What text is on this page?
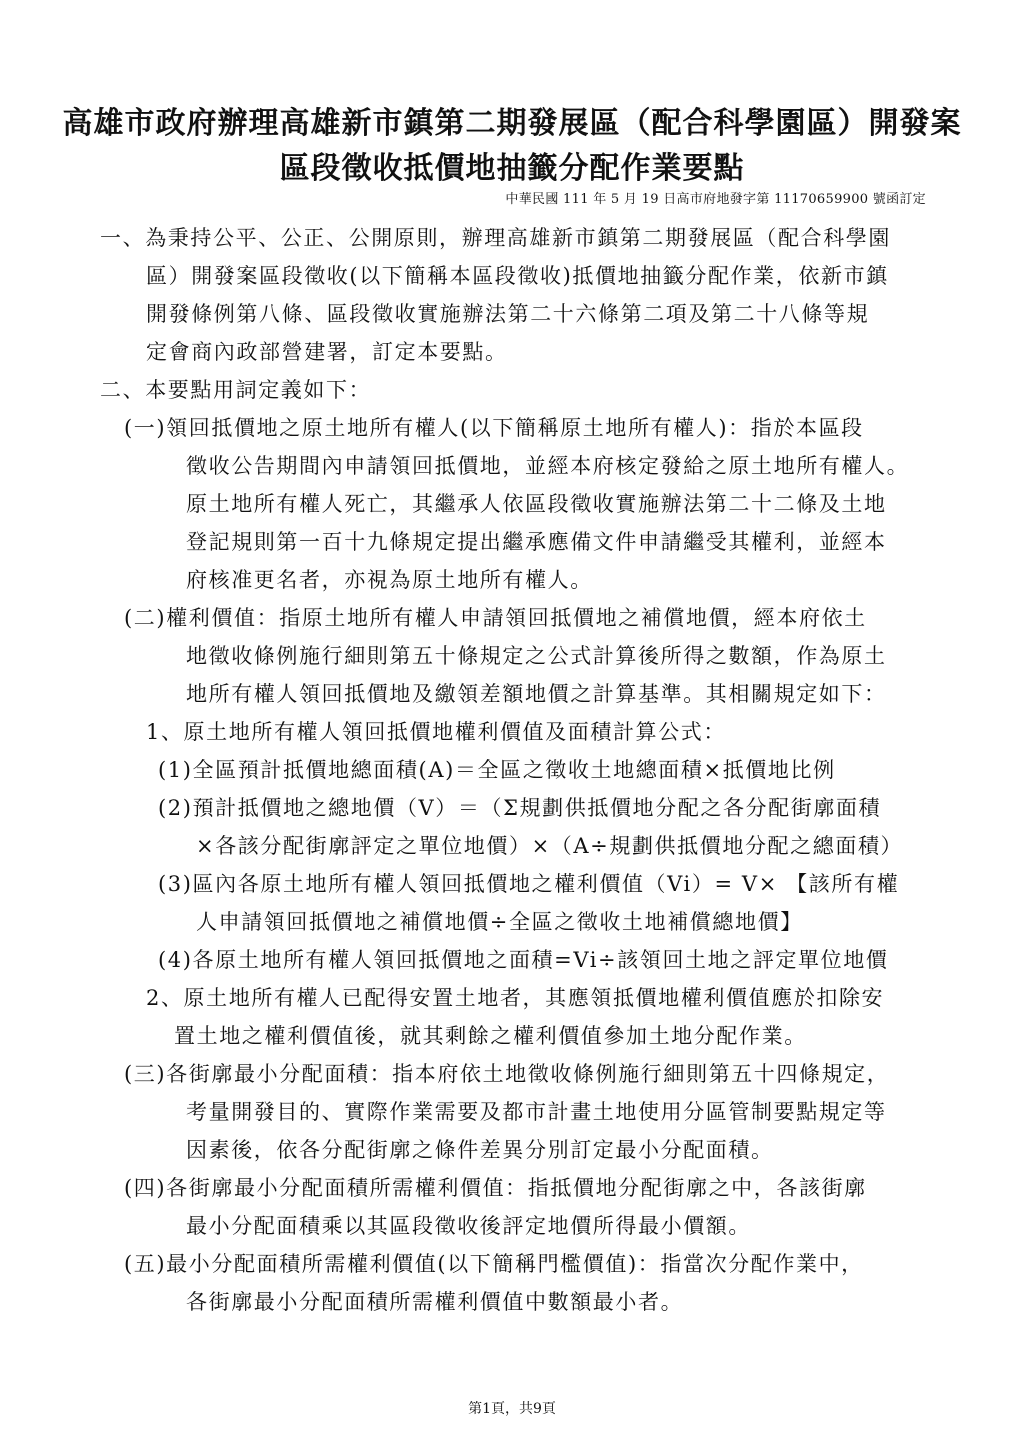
高雄市政府辦理高雄新市鎮第二期發展區（配合科學園區）開發案
區段徵收抵價地抽籤分配作業要點
中華民國 111 年 5 月 19 日高市府地發字第 11170659900 號函訂定
一、為秉持公平、公正、公開原則，辦理高雄新市鎮第二期發展區（配合科學園
區）開發案區段徵收(以下簡稱本區段徵收)抵價地抽籤分配作業，依新市鎮
開發條例第八條、區段徵收實施辦法第二十六條第二項及第二十八條等規
定會商內政部營建署，訂定本要點。
二、本要點用詞定義如下：
(一)領回抵價地之原土地所有權人(以下簡稱原土地所有權人)：指於本區段
徵收公告期間內申請領回抵價地，並經本府核定發給之原土地所有權人。
原土地所有權人死亡，其繼承人依區段徵收實施辦法第二十二條及土地
登記規則第一百十九條規定提出繼承應備文件申請繼受其權利，並經本
府核准更名者，亦視為原土地所有權人。
(二)權利價值：指原土地所有權人申請領回抵價地之補償地價，經本府依土
地徵收條例施行細則第五十條規定之公式計算後所得之數額，作為原土
地所有權人領回抵價地及繳領差額地價之計算基準。其相關規定如下：
1、原土地所有權人領回抵價地權利價值及面積計算公式：
(1)全區預計抵價地總面積(A)＝全區之徵收土地總面積×抵價地比例
(2)預計抵價地之總地價（V）＝（Σ規劃供抵價地分配之各分配街廓面積
×各該分配街廓評定之單位地價）×（A÷規劃供抵價地分配之總面積）
(3)區內各原土地所有權人領回抵價地之權利價值（Vi）= V× 【該所有權
人申請領回抵價地之補償地價÷全區之徵收土地補償總地價】
(4)各原土地所有權人領回抵價地之面積=Vi÷該領回土地之評定單位地價
2、原土地所有權人已配得安置土地者，其應領抵價地權利價值應於扣除安
置土地之權利價值後，就其剩餘之權利價值參加土地分配作業。
(三)各街廓最小分配面積：指本府依土地徵收條例施行細則第五十四條規定，
考量開發目的、實際作業需要及都市計畫土地使用分區管制要點規定等
因素後，依各分配街廓之條件差異分別訂定最小分配面積。
(四)各街廓最小分配面積所需權利價值：指抵價地分配街廓之中，各該街廓
最小分配面積乘以其區段徵收後評定地價所得最小價額。
(五)最小分配面積所需權利價值(以下簡稱門檻價值)：指當次分配作業中，
各街廓最小分配面積所需權利價值中數額最小者。
第1頁，共9頁
